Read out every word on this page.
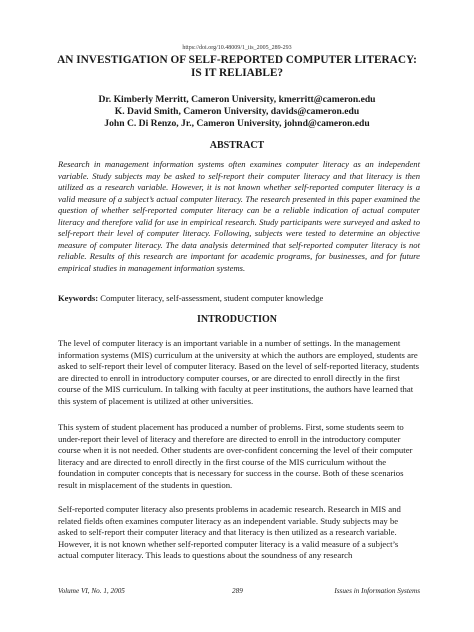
https://doi.org/10.48009/1_iis_2005_289-293
AN INVESTIGATION OF SELF-REPORTED COMPUTER LITERACY:
IS IT RELIABLE?
Dr. Kimberly Merritt, Cameron University, kmerritt@cameron.edu
K. David Smith, Cameron University, davids@cameron.edu
John C. Di Renzo, Jr., Cameron University, johnd@cameron.edu
ABSTRACT
Research in management information systems often examines computer literacy as an independent variable. Study subjects may be asked to self-report their computer literacy and that literacy is then utilized as a research variable. However, it is not known whether self-reported computer literacy is a valid measure of a subject’s actual computer literacy. The research presented in this paper examined the question of whether self-reported computer literacy can be a reliable indication of actual computer literacy and therefore valid for use in empirical research. Study participants were surveyed and asked to self-report their level of computer literacy. Following, subjects were tested to determine an objective measure of computer literacy. The data analysis determined that self-reported computer literacy is not reliable. Results of this research are important for academic programs, for businesses, and for future empirical studies in management information systems.
Keywords: Computer literacy, self-assessment, student computer knowledge
INTRODUCTION
The level of computer literacy is an important variable in a number of settings. In the management information systems (MIS) curriculum at the university at which the authors are employed, students are asked to self-report their level of computer literacy. Based on the level of self-reported literacy, students are directed to enroll in introductory computer courses, or are directed to enroll directly in the first course of the MIS curriculum. In talking with faculty at peer institutions, the authors have learned that this system of placement is utilized at other universities.
This system of student placement has produced a number of problems. First, some students seem to under-report their level of literacy and therefore are directed to enroll in the introductory computer course when it is not needed. Other students are over-confident concerning the level of their computer literacy and are directed to enroll directly in the first course of the MIS curriculum without the foundation in computer concepts that is necessary for success in the course. Both of these scenarios result in misplacement of the students in question.
Self-reported computer literacy also presents problems in academic research. Research in MIS and related fields often examines computer literacy as an independent variable. Study subjects may be asked to self-report their computer literacy and that literacy is then utilized as a research variable. However, it is not known whether self-reported computer literacy is a valid measure of a subject’s actual computer literacy. This leads to questions about the soundness of any research
Volume VI, No. 1, 2005	289	Issues in Information Systems
